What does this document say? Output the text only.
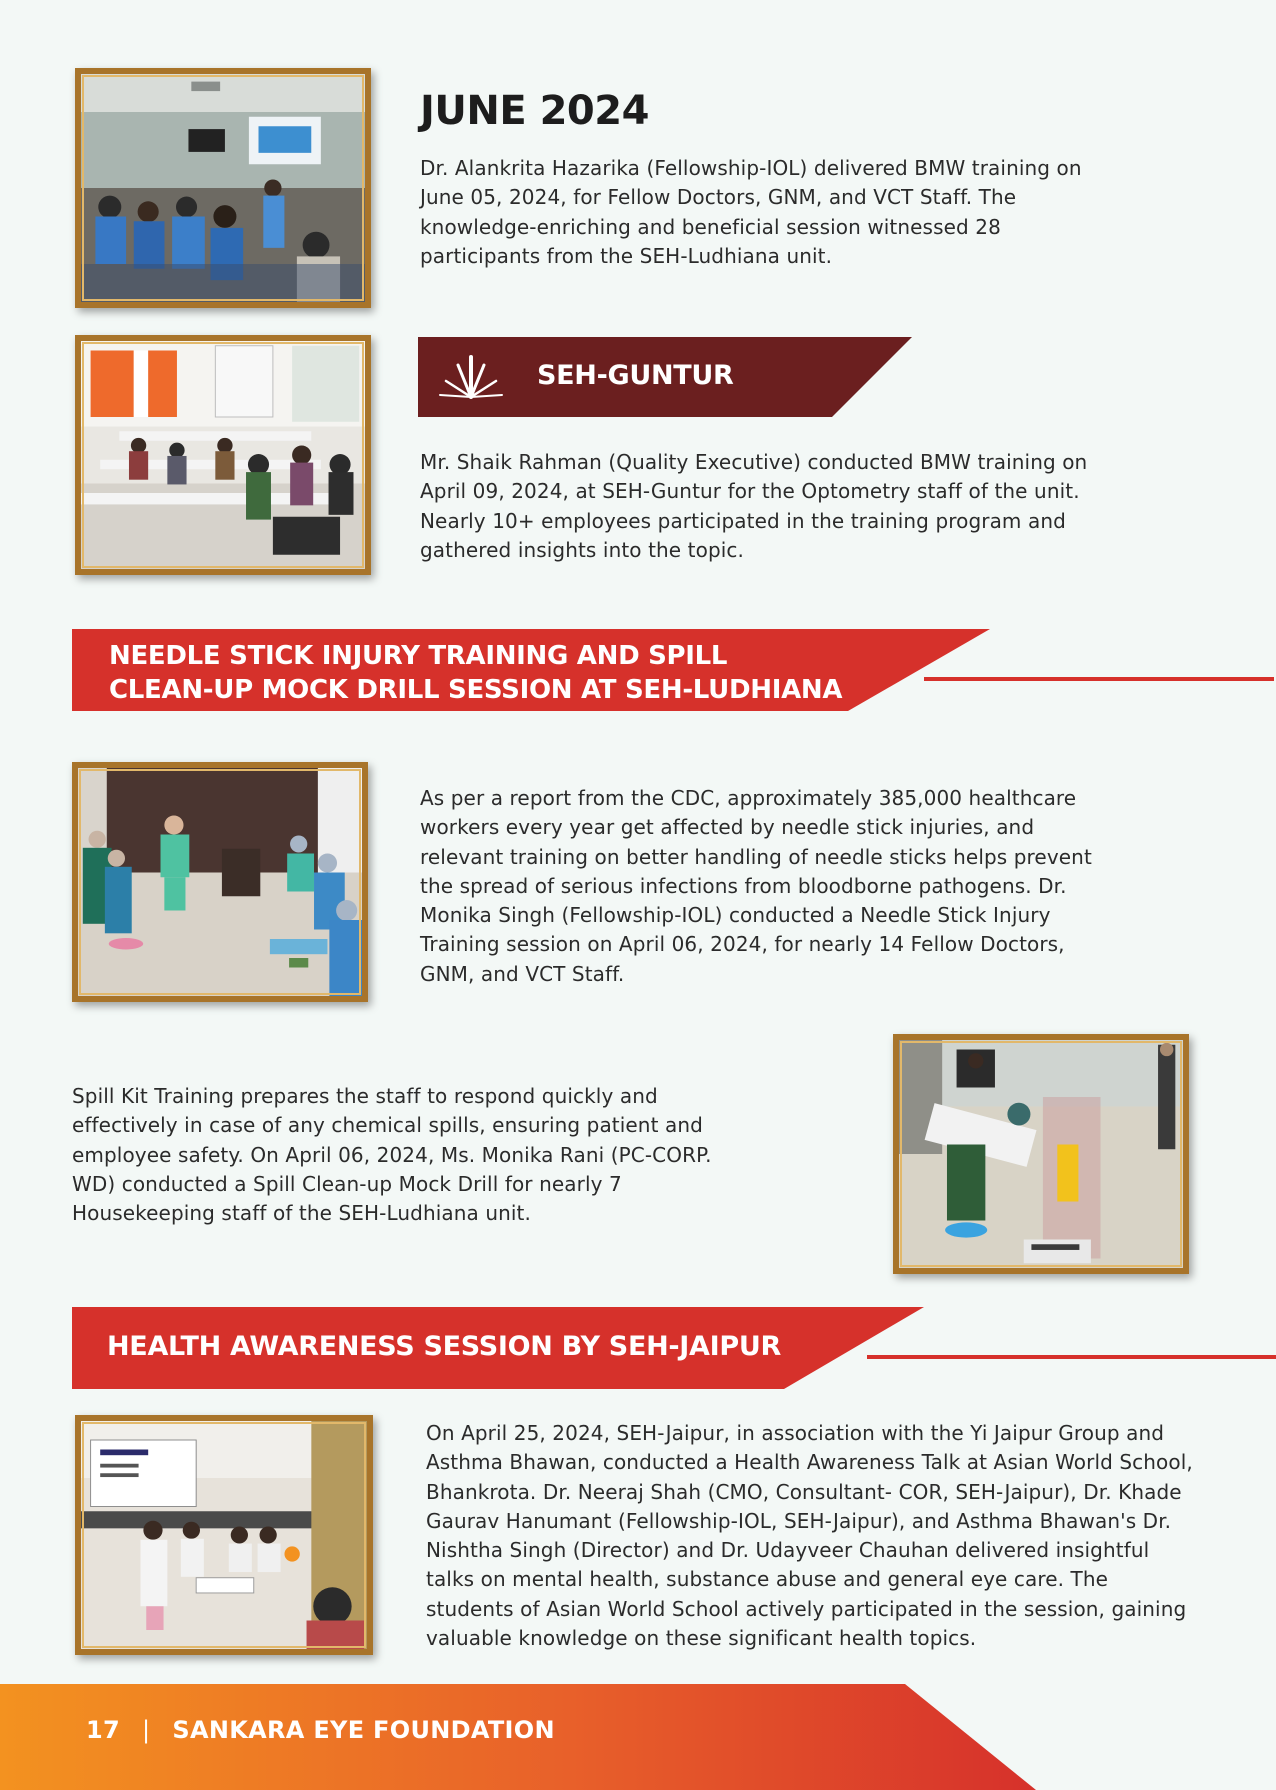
JUNE 2024
Dr. Alankrita Hazarika (Fellowship-IOL) delivered BMW training on June 05, 2024, for Fellow Doctors, GNM, and VCT Staff. The knowledge-enriching and beneficial session witnessed 28 participants from the SEH-Ludhiana unit.
SEH-GUNTUR
Mr. Shaik Rahman (Quality Executive) conducted BMW training on April 09, 2024, at SEH-Guntur for the Optometry staff of the unit. Nearly 10+ employees participated in the training program and gathered insights into the topic.
NEEDLE STICK INJURY TRAINING AND SPILL
CLEAN-UP MOCK DRILL SESSION AT SEH-LUDHIANA
As per a report from the CDC, approximately 385,000 healthcare workers every year get affected by needle stick injuries, and relevant training on better handling of needle sticks helps prevent the spread of serious infections from bloodborne pathogens. Dr. Monika Singh (Fellowship-IOL) conducted a Needle Stick Injury Training session on April 06, 2024, for nearly 14 Fellow Doctors, GNM, and VCT Staff.
Spill Kit Training prepares the staff to respond quickly and effectively in case of any chemical spills, ensuring patient and employee safety. On April 06, 2024, Ms. Monika Rani (PC-CORP. WD) conducted a Spill Clean-up Mock Drill for nearly 7 Housekeeping staff of the SEH-Ludhiana unit.
HEALTH AWARENESS SESSION BY SEH-JAIPUR
On April 25, 2024, SEH-Jaipur, in association with the Yi Jaipur Group and Asthma Bhawan, conducted a Health Awareness Talk at Asian World School, Bhankrota. Dr. Neeraj Shah (CMO, Consultant- COR, SEH-Jaipur), Dr. Khade Gaurav Hanumant (Fellowship-IOL, SEH-Jaipur), and Asthma Bhawan's Dr. Nishtha Singh (Director) and Dr. Udayveer Chauhan delivered insightful talks on mental health, substance abuse and general eye care. The students of Asian World School actively participated in the session, gaining valuable knowledge on these significant health topics.
17 | SANKARA EYE FOUNDATION
